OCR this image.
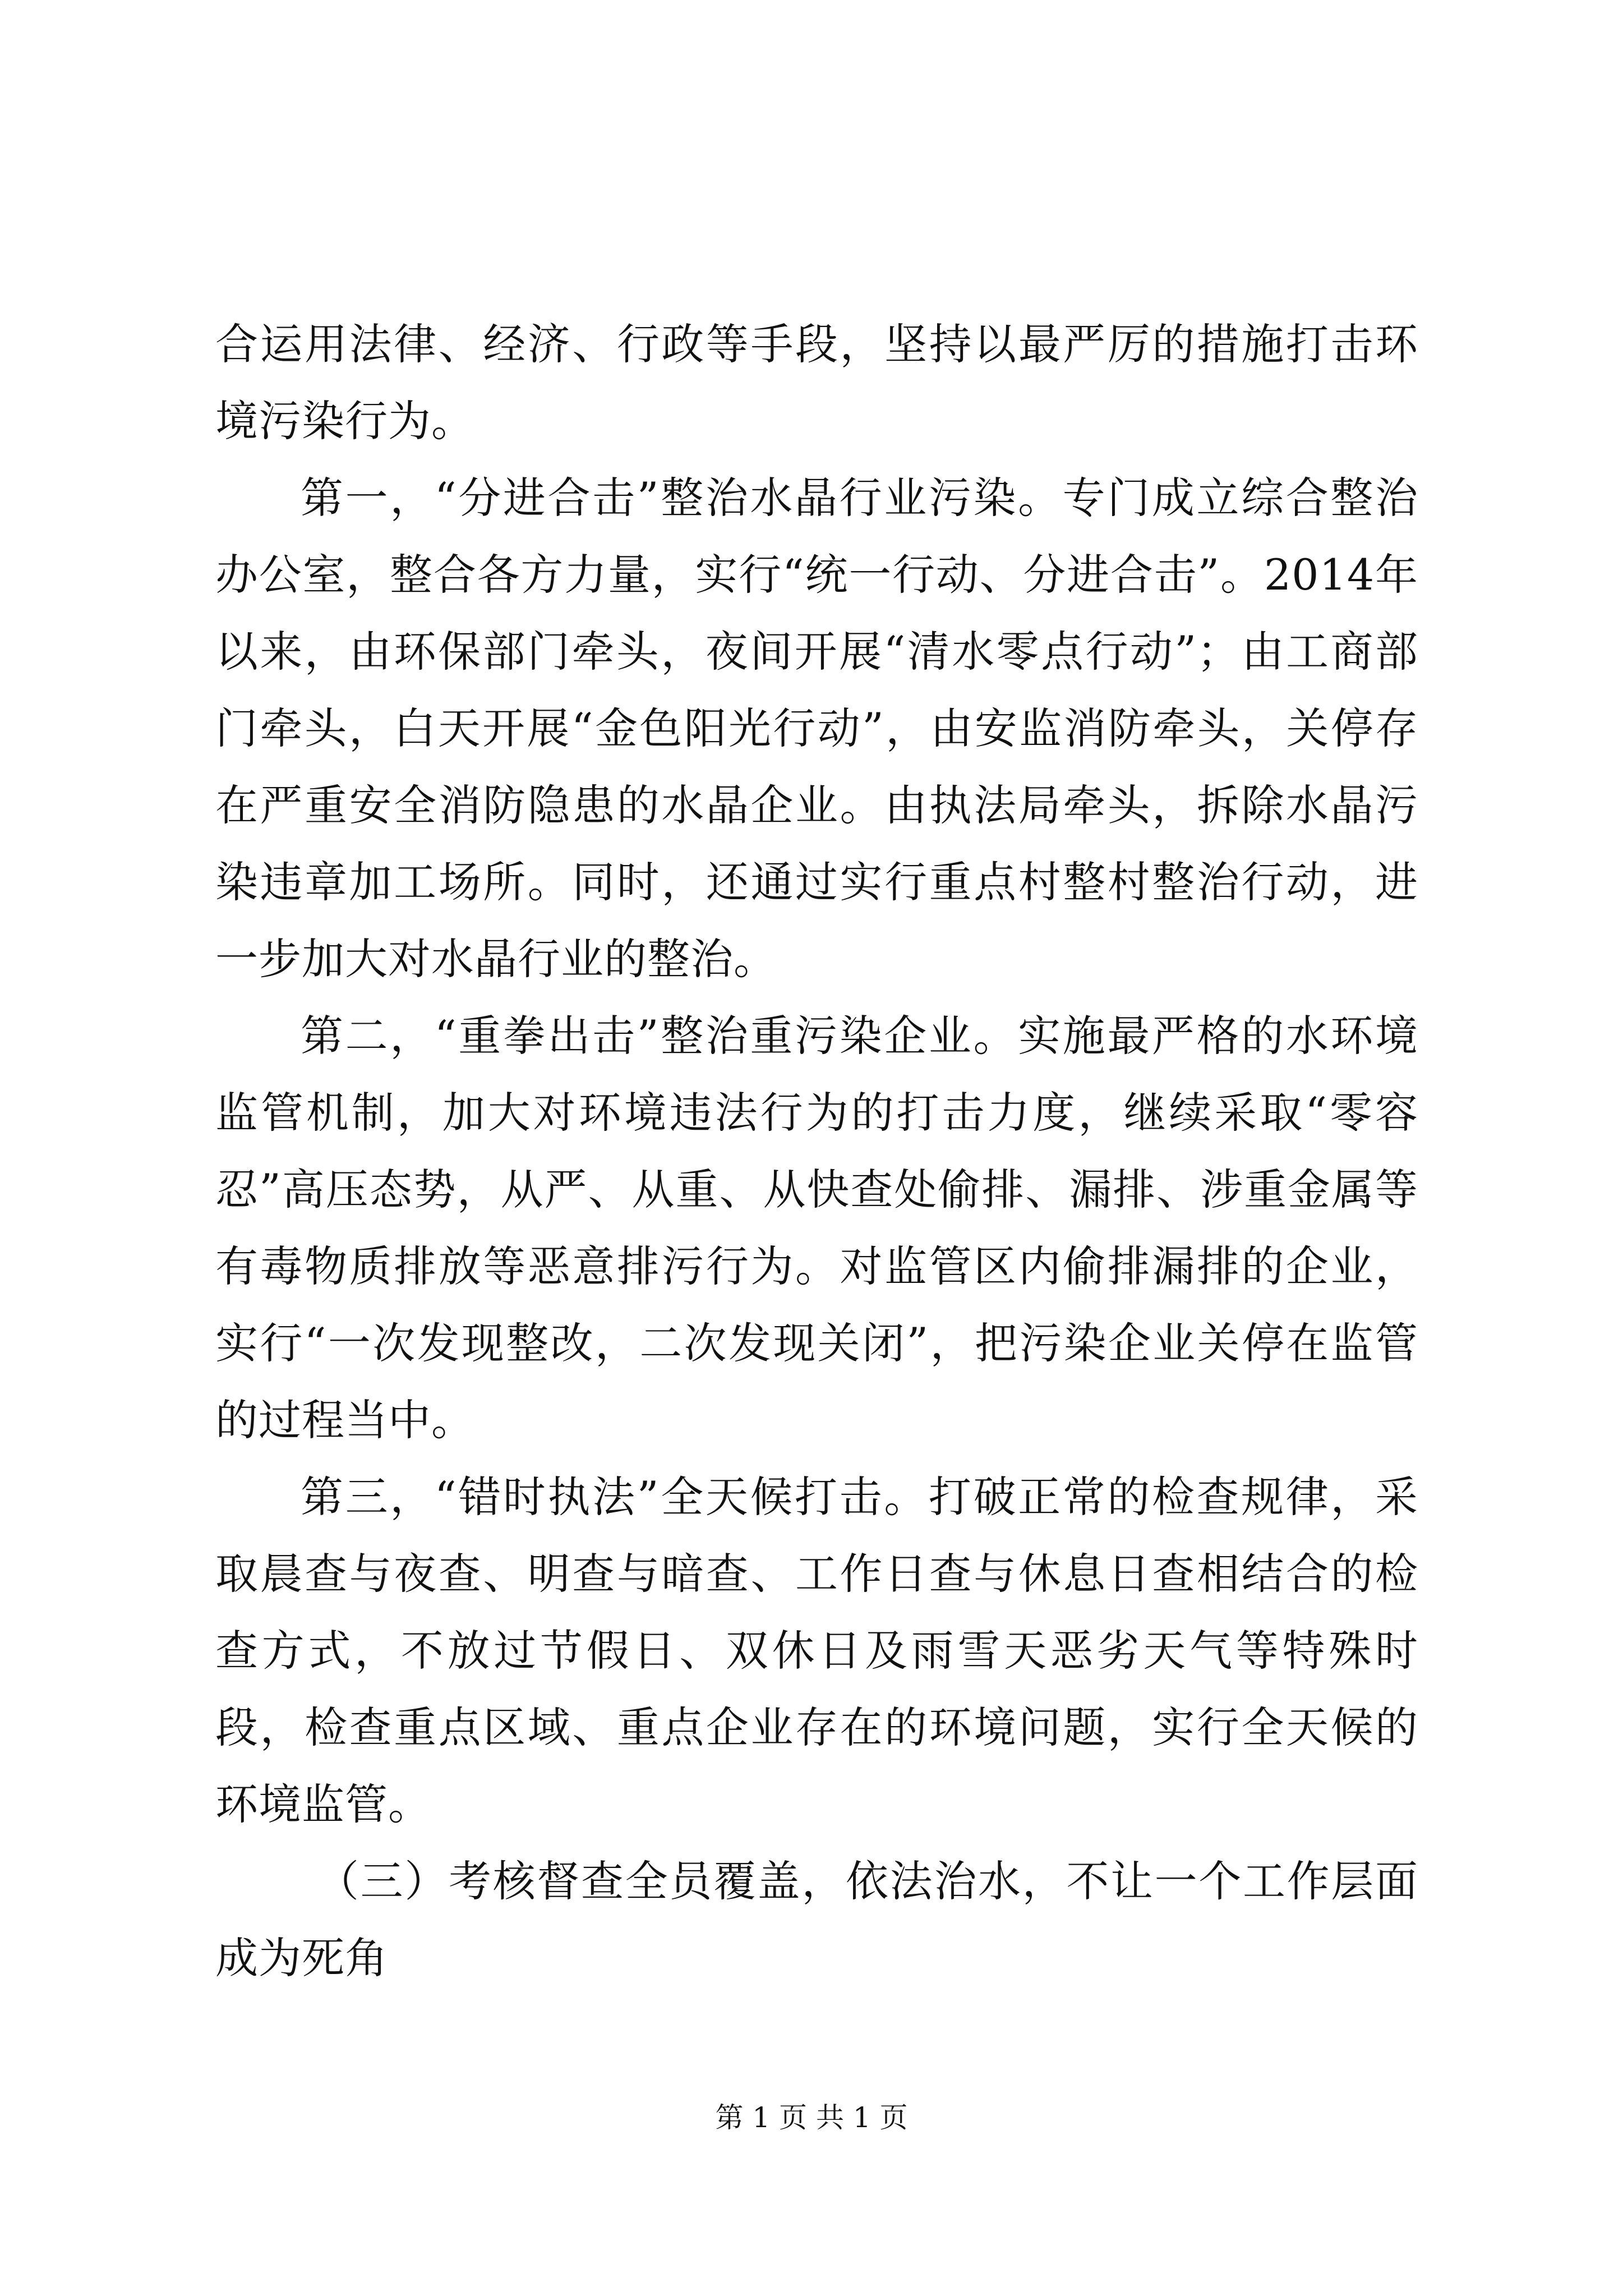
合运用法律、经济、行政等手段，坚持以最严厉的措施打击环境污染行为。

第一，“分进合击”整治水晶行业污染。专门成立综合整治办公室，整合各方力量，实行“统一行动、分进合击”。2014年以来，由环保部门牵头，夜间开展“清水零点行动”；由工商部门牵头，白天开展“金色阳光行动”，由安监消防牵头，关停存在严重安全消防隐患的水晶企业。由执法局牵头，拆除水晶污染违章加工场所。同时，还通过实行重点村整村整治行动，进一步加大对水晶行业的整治。

第二，“重拳出击”整治重污染企业。实施最严格的水环境监管机制，加大对环境违法行为的打击力度，继续采取“零容忍”高压态势，从严、从重、从快查处偷排、漏排、涉重金属等有毒物质排放等恶意排污行为。对监管区内偷排漏排的企业，实行“一次发现整改，二次发现关闭”，把污染企业关停在监管的过程当中。

第三，“错时执法”全天候打击。打破正常的检查规律，采取晨查与夜查、明查与暗查、工作日查与休息日查相结合的检查方式，不放过节假日、双休日及雨雪天恶劣天气等特殊时段，检查重点区域、重点企业存在的环境问题，实行全天候的环境监管。

（三）考核督查全员覆盖，依法治水，不让一个工作层面成为死角

第 1 页 共 1 页
